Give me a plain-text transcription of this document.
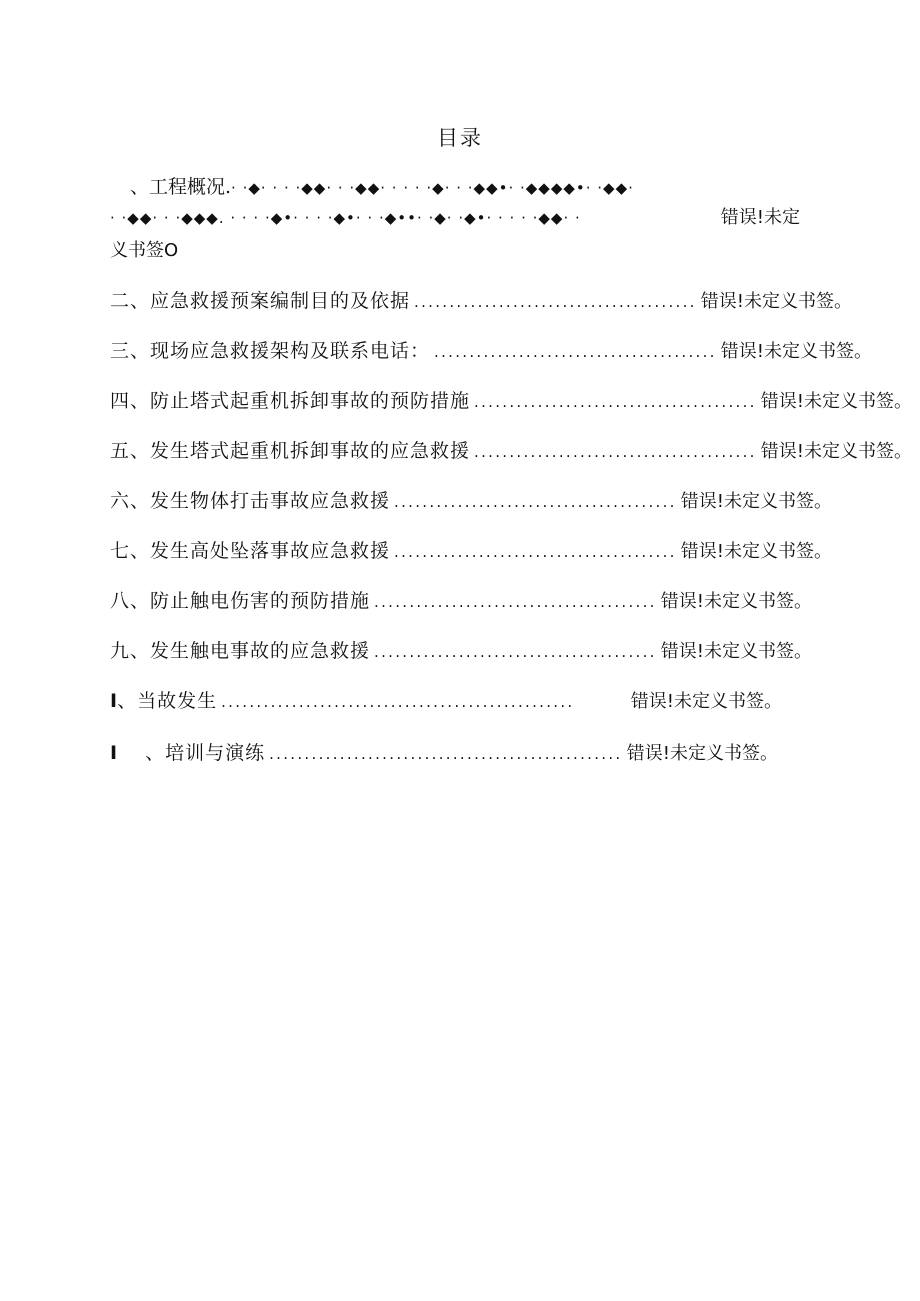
目录
、工程概况.· ·◆· · · ·◆◆· · ·◆◆· · · · ·◆· · ·◆◆•· ·◆◆◆◆•· ·◆◆·
· ·◆◆· · ·◆◆◆. · · · ·◆•· · · ·◆•· · ·◆••· ·◆· ·◆•· · · · ·◆◆· ·	错误!未定
义书签O
二、应急救援预案编制目的及依据 ........................................ 错误!未定义书签。
三、现场应急救援架构及联系电话： ........................................ 错误!未定义书签。
四、防止塔式起重机拆卸事故的预防措施 ........................................ 错误!未定义书签。
五、发生塔式起重机拆卸事故的应急救援 ........................................ 错误!未定义书签。
六、发生物体打击事故应急救援 ........................................ 错误!未定义书签。
七、发生高处坠落事故应急救援 ........................................ 错误!未定义书签。
八、防止触电伤害的预防措施 ........................................ 错误!未定义书签。
九、发生触电事故的应急救援 ........................................ 错误!未定义书签。
I 、当故发生 ..................................................	错误!未定义书签。
I 、培训与演练 .................................................. 错误!未定义书签。
